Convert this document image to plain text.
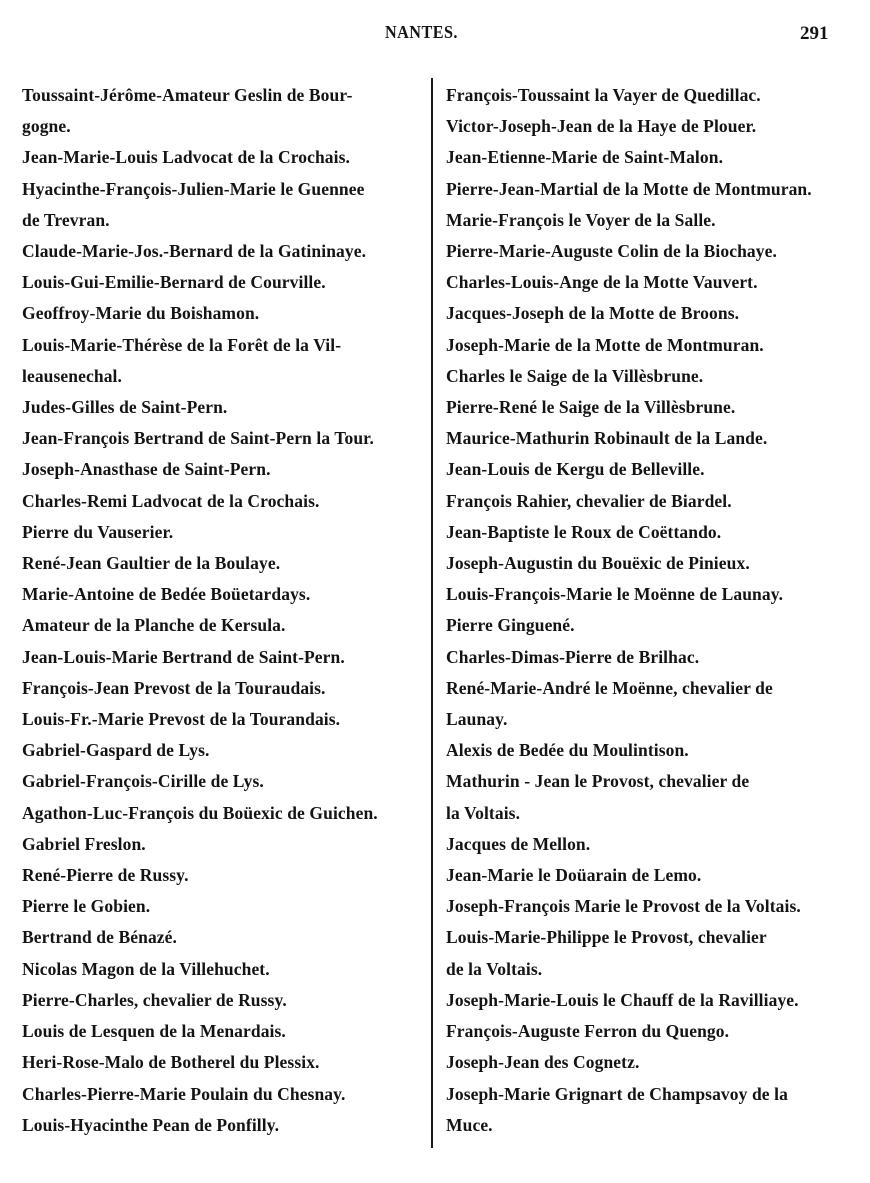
NANTES.	291
Toussaint-Jérôme-Amateur Geslin de Bour-
gogne.
Jean-Marie-Louis Ladvocat de la Crochais.
Hyacinthe-François-Julien-Marie le Guennee
de Trevran.
Claude-Marie-Jos.-Bernard de la Gatininaye.
Louis-Gui-Emilie-Bernard de Courville.
Geoffroy-Marie du Boishamon.
Louis-Marie-Thérèse de la Forêt de la Vil-
leausenechal.
Judes-Gilles de Saint-Pern.
Jean-François Bertrand de Saint-Pern la Tour.
Joseph-Anasthase de Saint-Pern.
Charles-Remi Ladvocat de la Crochais.
Pierre du Vauserier.
René-Jean Gaultier de la Boulaye.
Marie-Antoine de Bedée Boüetardays.
Amateur de la Planche de Kersula.
Jean-Louis-Marie Bertrand de Saint-Pern.
François-Jean Prevost de la Touraudais.
Louis-Fr.-Marie Prevost de la Tourandais.
Gabriel-Gaspard de Lys.
Gabriel-François-Cirille de Lys.
Agathon-Luc-François du Boüexic de Guichen.
Gabriel Freslon.
René-Pierre de Russy.
Pierre le Gobien.
Bertrand de Bénazé.
Nicolas Magon de la Villehuchet.
Pierre-Charles, chevalier de Russy.
Louis de Lesquen de la Menardais.
Heri-Rose-Malo de Botherel du Plessix.
Charles-Pierre-Marie Poulain du Chesnay.
Louis-Hyacinthe Pean de Ponfilly.
François-Toussaint la Vayer de Quedillac.
Victor-Joseph-Jean de la Haye de Plouer.
Jean-Etienne-Marie de Saint-Malon.
Pierre-Jean-Martial de la Motte de Montmuran.
Marie-François le Voyer de la Salle.
Pierre-Marie-Auguste Colin de la Biochaye.
Charles-Louis-Ange de la Motte Vauvert.
Jacques-Joseph de la Motte de Broons.
Joseph-Marie de la Motte de Montmuran.
Charles le Saige de la Villèsbrune.
Pierre-René le Saige de la Villèsbrune.
Maurice-Mathurin Robinault de la Lande.
Jean-Louis de Kergu de Belleville.
François Rahier, chevalier de Biardel.
Jean-Baptiste le Roux de Coëttando.
Joseph-Augustin du Bouëxic de Pinieux.
Louis-François-Marie le Moënne de Launay.
Pierre Ginguené.
Charles-Dimas-Pierre de Brilhac.
René-Marie-André le Moënne, chevalier de
Launay.
Alexis de Bedée du Moulintison.
Mathurin - Jean le Provost, chevalier de
la Voltais.
Jacques de Mellon.
Jean-Marie le Doüarain de Lemo.
Joseph-François Marie le Provost de la Voltais.
Louis-Marie-Philippe le Provost, chevalier
de la Voltais.
Joseph-Marie-Louis le Chauff de la Ravilliaye.
François-Auguste Ferron du Quengo.
Joseph-Jean des Cognetz.
Joseph-Marie Grignart de Champsavoy de la
Muce.
